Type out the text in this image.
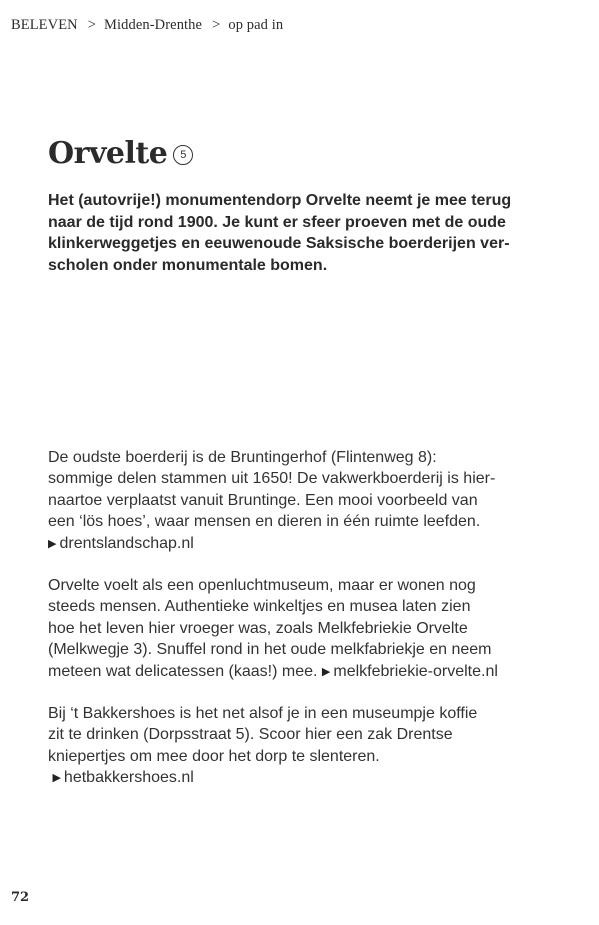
BELEVEN > Midden-Drenthe > op pad in
Orvelte	5

Het (autovrije!) monumentendorp Orvelte neemt je mee terug
naar de tijd rond 1900. Je kunt er sfeer proeven met de oude
klinkerweggetjes en eeuwenoude Saksische boerderijen ver-
scholen onder monumentale bomen.

De oudste boerderij is de Bruntingerhof (Flintenweg 8):
sommige delen stammen uit 1650! De vakwerkboerderij is hier-
naartoe verplaatst vanuit Bruntinge. Een mooi voorbeeld van
een ‘lös hoes’, waar mensen en dieren in één ruimte leefden.
▶ drentslandschap.nl

Orvelte voelt als een openluchtmuseum, maar er wonen nog
steeds mensen. Authentieke winkeltjes en musea laten zien
hoe het leven hier vroeger was, zoals Melkfebriekie Orvelte
(Melkwegje 3). Snuffel rond in het oude melkfabriekje en neem
meteen wat delicatessen (kaas!) mee. ▶ melkfebriekie-orvelte.nl

Bij ‘t Bakkershoes is het net alsof je in een museumpje koffie
zit te drinken (Dorpsstraat 5). Scoor hier een zak Drentse
kniepertjes om mee door het dorp te slenteren.
▶ hetbakkershoes.nl

72
